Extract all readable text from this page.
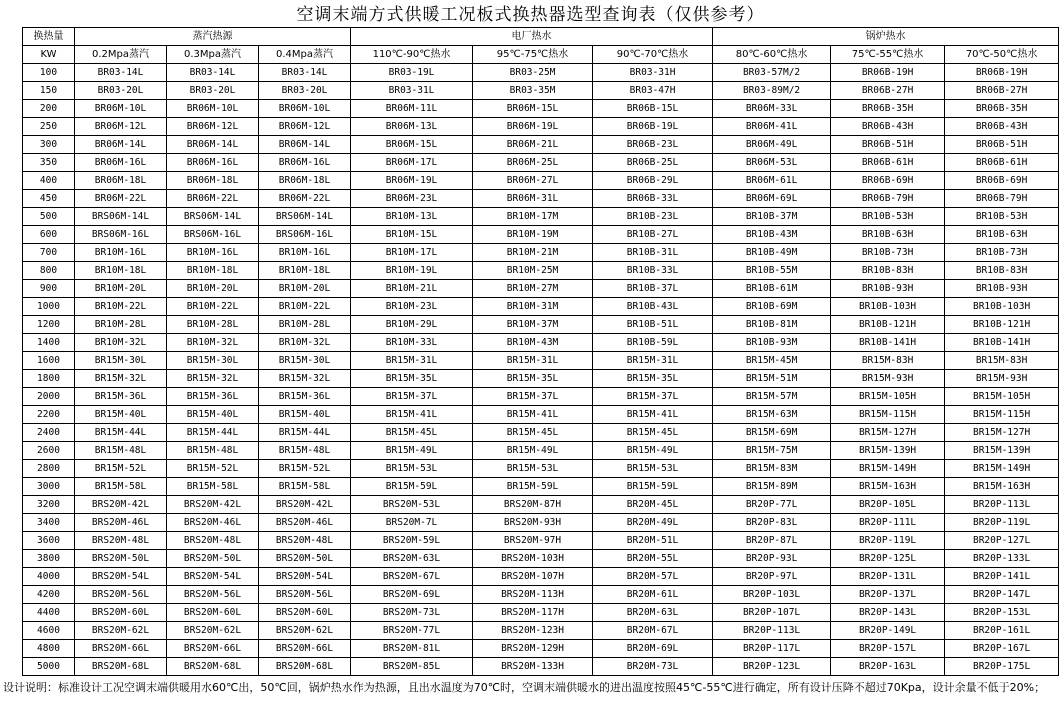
空调末端方式供暖工况板式换热器选型查询表（仅供参考）
换热量	蒸汽热源			电厂热水			锅炉热水		
KW	0.2Mpa蒸汽	0.3Mpa蒸汽	0.4Mpa蒸汽	110℃-90℃热水	95℃-75℃热水	90℃-70℃热水	80℃-60℃热水	75℃-55℃热水	70℃-50℃热水
100	BR03-14L	BR03-14L	BR03-14L	BR03-19L	BR03-25M	BR03-31H	BR03-57M/2	BR06B-19H	BR06B-19H
150	BR03-20L	BR03-20L	BR03-20L	BR03-31L	BR03-35M	BR03-47H	BR03-89M/2	BR06B-27H	BR06B-27H
200	BR06M-10L	BR06M-10L	BR06M-10L	BR06M-11L	BR06M-15L	BR06B-15L	BR06M-33L	BR06B-35H	BR06B-35H
250	BR06M-12L	BR06M-12L	BR06M-12L	BR06M-13L	BR06M-19L	BR06B-19L	BR06M-41L	BR06B-43H	BR06B-43H
300	BR06M-14L	BR06M-14L	BR06M-14L	BR06M-15L	BR06M-21L	BR06B-23L	BR06M-49L	BR06B-51H	BR06B-51H
350	BR06M-16L	BR06M-16L	BR06M-16L	BR06M-17L	BR06M-25L	BR06B-25L	BR06M-53L	BR06B-61H	BR06B-61H
400	BR06M-18L	BR06M-18L	BR06M-18L	BR06M-19L	BR06M-27L	BR06B-29L	BR06M-61L	BR06B-69H	BR06B-69H
450	BR06M-22L	BR06M-22L	BR06M-22L	BR06M-23L	BR06M-31L	BR06B-33L	BR06M-69L	BR06B-79H	BR06B-79H
500	BRS06M-14L	BRS06M-14L	BRS06M-14L	BR10M-13L	BR10M-17M	BR10B-23L	BR10B-37M	BR10B-53H	BR10B-53H
600	BRS06M-16L	BRS06M-16L	BRS06M-16L	BR10M-15L	BR10M-19M	BR10B-27L	BR10B-43M	BR10B-63H	BR10B-63H
700	BR10M-16L	BR10M-16L	BR10M-16L	BR10M-17L	BR10M-21M	BR10B-31L	BR10B-49M	BR10B-73H	BR10B-73H
800	BR10M-18L	BR10M-18L	BR10M-18L	BR10M-19L	BR10M-25M	BR10B-33L	BR10B-55M	BR10B-83H	BR10B-83H
900	BR10M-20L	BR10M-20L	BR10M-20L	BR10M-21L	BR10M-27M	BR10B-37L	BR10B-61M	BR10B-93H	BR10B-93H
1000	BR10M-22L	BR10M-22L	BR10M-22L	BR10M-23L	BR10M-31M	BR10B-43L	BR10B-69M	BR10B-103H	BR10B-103H
1200	BR10M-28L	BR10M-28L	BR10M-28L	BR10M-29L	BR10M-37M	BR10B-51L	BR10B-81M	BR10B-121H	BR10B-121H
1400	BR10M-32L	BR10M-32L	BR10M-32L	BR10M-33L	BR10M-43M	BR10B-59L	BR10B-93M	BR10B-141H	BR10B-141H
1600	BR15M-30L	BR15M-30L	BR15M-30L	BR15M-31L	BR15M-31L	BR15M-31L	BR15M-45M	BR15M-83H	BR15M-83H
1800	BR15M-32L	BR15M-32L	BR15M-32L	BR15M-35L	BR15M-35L	BR15M-35L	BR15M-51M	BR15M-93H	BR15M-93H
2000	BR15M-36L	BR15M-36L	BR15M-36L	BR15M-37L	BR15M-37L	BR15M-37L	BR15M-57M	BR15M-105H	BR15M-105H
2200	BR15M-40L	BR15M-40L	BR15M-40L	BR15M-41L	BR15M-41L	BR15M-41L	BR15M-63M	BR15M-115H	BR15M-115H
2400	BR15M-44L	BR15M-44L	BR15M-44L	BR15M-45L	BR15M-45L	BR15M-45L	BR15M-69M	BR15M-127H	BR15M-127H
2600	BR15M-48L	BR15M-48L	BR15M-48L	BR15M-49L	BR15M-49L	BR15M-49L	BR15M-75M	BR15M-139H	BR15M-139H
2800	BR15M-52L	BR15M-52L	BR15M-52L	BR15M-53L	BR15M-53L	BR15M-53L	BR15M-83M	BR15M-149H	BR15M-149H
3000	BR15M-58L	BR15M-58L	BR15M-58L	BR15M-59L	BR15M-59L	BR15M-59L	BR15M-89M	BR15M-163H	BR15M-163H
3200	BRS20M-42L	BRS20M-42L	BRS20M-42L	BRS20M-53L	BRS20M-87H	BR20M-45L	BR20P-77L	BR20P-105L	BR20P-113L
3400	BRS20M-46L	BRS20M-46L	BRS20M-46L	BRS20M-7L	BRS20M-93H	BR20M-49L	BR20P-83L	BR20P-111L	BR20P-119L
3600	BRS20M-48L	BRS20M-48L	BRS20M-48L	BRS20M-59L	BRS20M-97H	BR20M-51L	BR20P-87L	BR20P-119L	BR20P-127L
3800	BRS20M-50L	BRS20M-50L	BRS20M-50L	BRS20M-63L	BRS20M-103H	BR20M-55L	BR20P-93L	BR20P-125L	BR20P-133L
4000	BRS20M-54L	BRS20M-54L	BRS20M-54L	BRS20M-67L	BRS20M-107H	BR20M-57L	BR20P-97L	BR20P-131L	BR20P-141L
4200	BRS20M-56L	BRS20M-56L	BRS20M-56L	BRS20M-69L	BRS20M-113H	BR20M-61L	BR20P-103L	BR20P-137L	BR20P-147L
4400	BRS20M-60L	BRS20M-60L	BRS20M-60L	BRS20M-73L	BRS20M-117H	BR20M-63L	BR20P-107L	BR20P-143L	BR20P-153L
4600	BRS20M-62L	BRS20M-62L	BRS20M-62L	BRS20M-77L	BRS20M-123H	BR20M-67L	BR20P-113L	BR20P-149L	BR20P-161L
4800	BRS20M-66L	BRS20M-66L	BRS20M-66L	BRS20M-81L	BRS20M-129H	BR20M-69L	BR20P-117L	BR20P-157L	BR20P-167L
5000	BRS20M-68L	BRS20M-68L	BRS20M-68L	BRS20M-85L	BRS20M-133H	BR20M-73L	BR20P-123L	BR20P-163L	BR20P-175L
设计说明：标准设计工况空调末端供暖用水60℃出，50℃回，锅炉热水作为热源，且出水温度为70℃时，空调末端供暖水的进出温度按照45℃-55℃进行确定，所有设计压降不超过70Kpa，设计余量不低于20%；
